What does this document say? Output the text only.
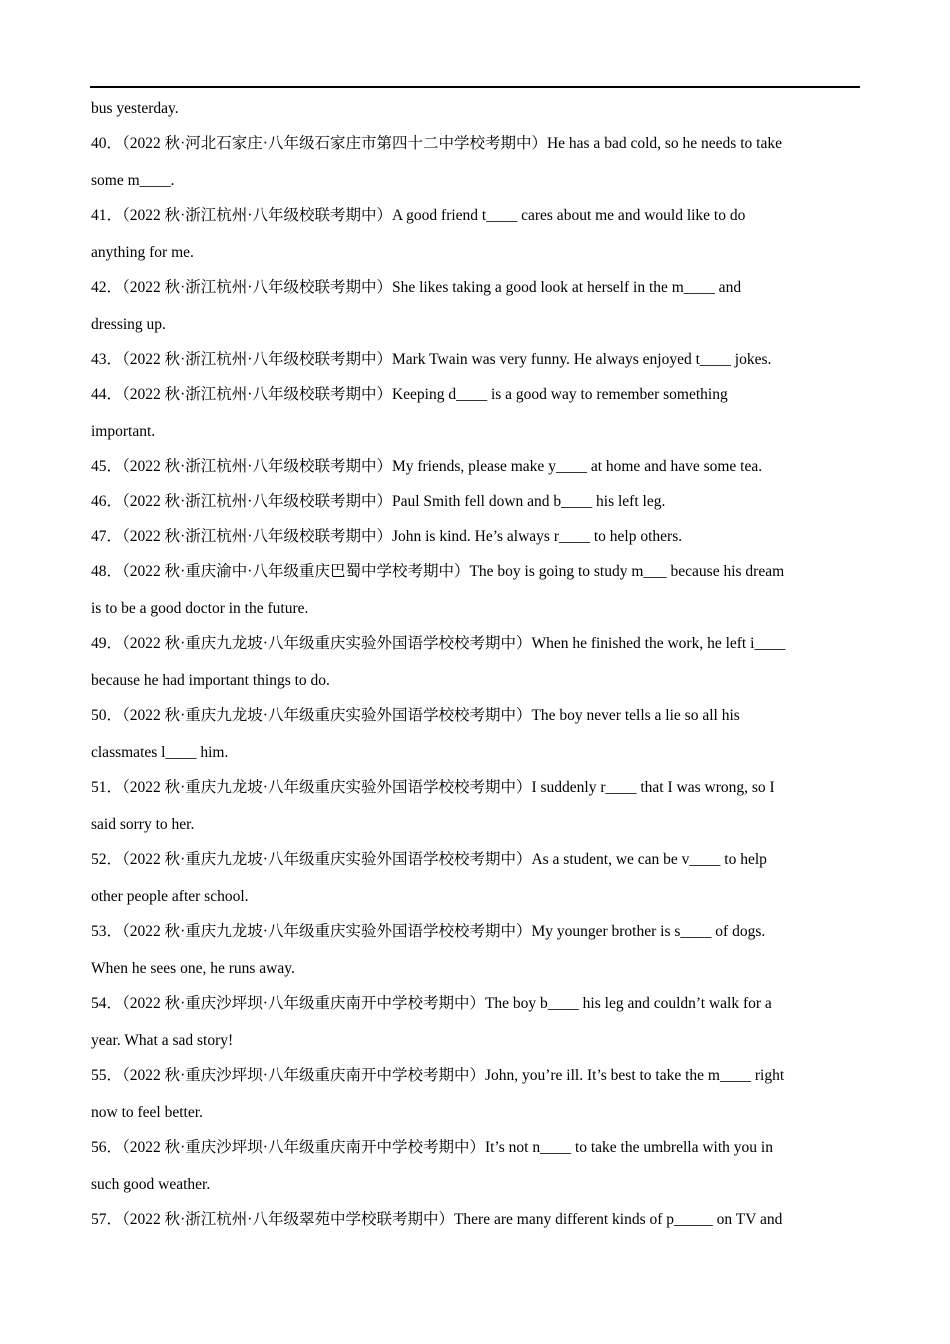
bus yesterday.
40．（2022 秋·河北石家庄·八年级石家庄市第四十二中学校考期中）He has a bad cold, so he needs to take
some m____.
41．（2022 秋·浙江杭州·八年级校联考期中）A good friend t____ cares about me and would like to do
anything for me.
42．（2022 秋·浙江杭州·八年级校联考期中）She likes taking a good look at herself in the m____ and
dressing up.
43．（2022 秋·浙江杭州·八年级校联考期中）Mark Twain was very funny. He always enjoyed t____ jokes.
44．（2022 秋·浙江杭州·八年级校联考期中）Keeping d____ is a good way to remember something
important.
45．（2022 秋·浙江杭州·八年级校联考期中）My friends, please make y____ at home and have some tea.
46．（2022 秋·浙江杭州·八年级校联考期中）Paul Smith fell down and b____ his left leg.
47．（2022 秋·浙江杭州·八年级校联考期中）John is kind. He’s always r____ to help others.
48．（2022 秋·重庆渝中·八年级重庆巴蜀中学校考期中）The boy is going to study m___ because his dream
is to be a good doctor in the future.
49．（2022 秋·重庆九龙坡·八年级重庆实验外国语学校校考期中）When he finished the work, he left i____
because he had important things to do.
50．（2022 秋·重庆九龙坡·八年级重庆实验外国语学校校考期中）The boy never tells a lie so all his
classmates l____ him.
51．（2022 秋·重庆九龙坡·八年级重庆实验外国语学校校考期中）I suddenly r____ that I was wrong, so I
said sorry to her.
52．（2022 秋·重庆九龙坡·八年级重庆实验外国语学校校考期中）As a student, we can be v____ to help
other people after school.
53．（2022 秋·重庆九龙坡·八年级重庆实验外国语学校校考期中）My younger brother is s____ of dogs.
When he sees one, he runs away.
54．（2022 秋·重庆沙坪坝·八年级重庆南开中学校考期中）The boy b____ his leg and couldn’t walk for a
year. What a sad story!
55．（2022 秋·重庆沙坪坝·八年级重庆南开中学校考期中）John, you’re ill. It’s best to take the m____ right
now to feel better.
56．（2022 秋·重庆沙坪坝·八年级重庆南开中学校考期中）It’s not n____ to take the umbrella with you in
such good weather.
57．（2022 秋·浙江杭州·八年级翠苑中学校联考期中）There are many different kinds of p_____ on TV and
